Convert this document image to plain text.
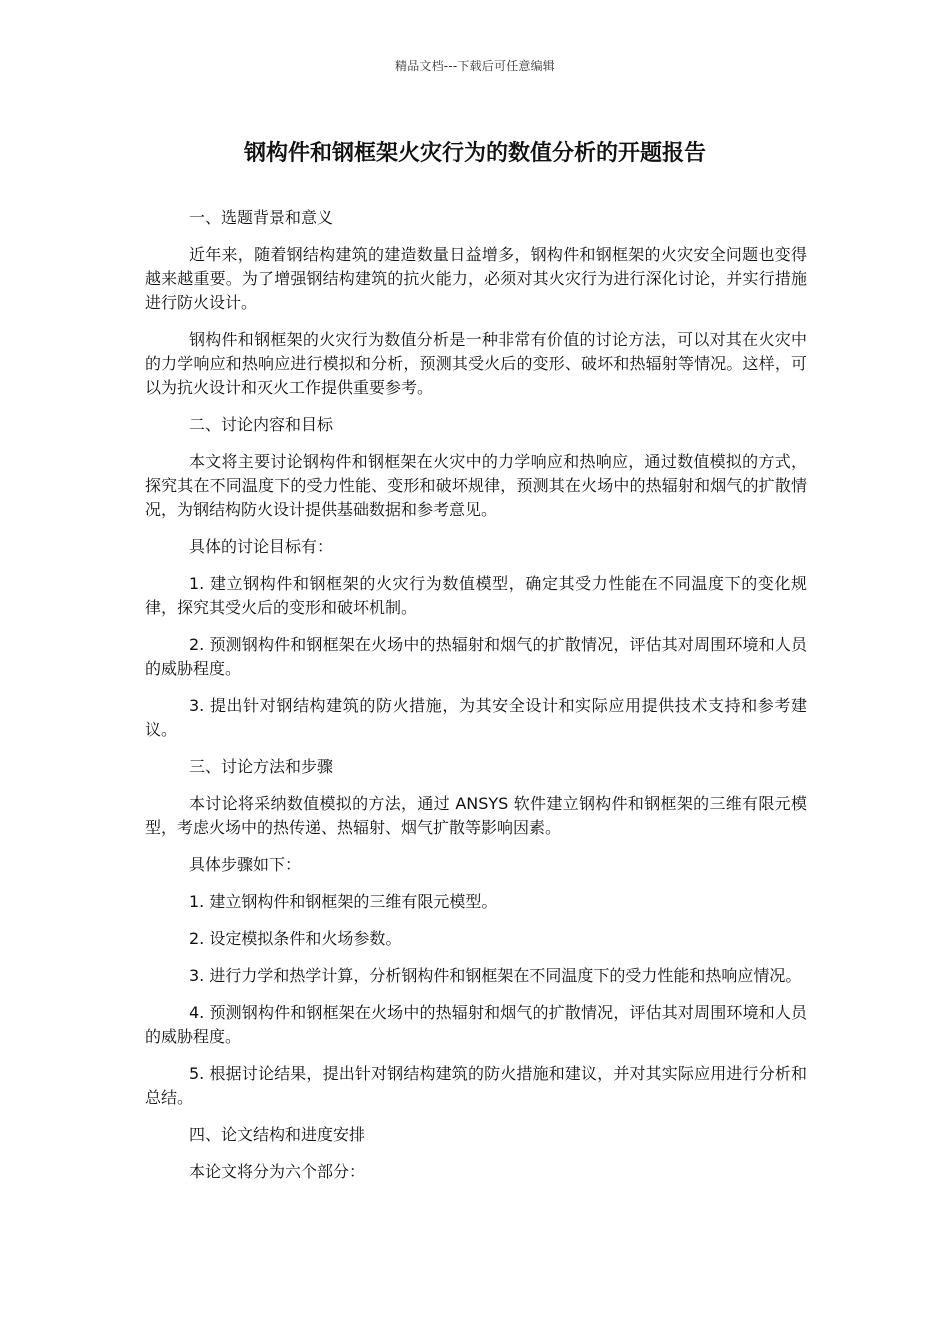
精品文档---下载后可任意编辑
钢构件和钢框架火灾行为的数值分析的开题报告

一、选题背景和意义

近年来，随着钢结构建筑的建造数量日益增多，钢构件和钢框架的火灾安全问题也变得越来越重要。为了增强钢结构建筑的抗火能力，必须对其火灾行为进行深化讨论，并实行措施进行防火设计。

钢构件和钢框架的火灾行为数值分析是一种非常有价值的讨论方法，可以对其在火灾中的力学响应和热响应进行模拟和分析，预测其受火后的变形、破坏和热辐射等情况。这样，可以为抗火设计和灭火工作提供重要参考。

二、讨论内容和目标

本文将主要讨论钢构件和钢框架在火灾中的力学响应和热响应，通过数值模拟的方式，探究其在不同温度下的受力性能、变形和破坏规律，预测其在火场中的热辐射和烟气的扩散情况，为钢结构防火设计提供基础数据和参考意见。

具体的讨论目标有：

1. 建立钢构件和钢框架的火灾行为数值模型，确定其受力性能在不同温度下的变化规律，探究其受火后的变形和破坏机制。

2. 预测钢构件和钢框架在火场中的热辐射和烟气的扩散情况，评估其对周围环境和人员的威胁程度。

3. 提出针对钢结构建筑的防火措施，为其安全设计和实际应用提供技术支持和参考建议。

三、讨论方法和步骤

本讨论将采纳数值模拟的方法，通过 ANSYS 软件建立钢构件和钢框架的三维有限元模型，考虑火场中的热传递、热辐射、烟气扩散等影响因素。

具体步骤如下：

1. 建立钢构件和钢框架的三维有限元模型。

2. 设定模拟条件和火场参数。

3. 进行力学和热学计算，分析钢构件和钢框架在不同温度下的受力性能和热响应情况。

4. 预测钢构件和钢框架在火场中的热辐射和烟气的扩散情况，评估其对周围环境和人员的威胁程度。

5. 根据讨论结果，提出针对钢结构建筑的防火措施和建议，并对其实际应用进行分析和总结。

四、论文结构和进度安排

本论文将分为六个部分：
